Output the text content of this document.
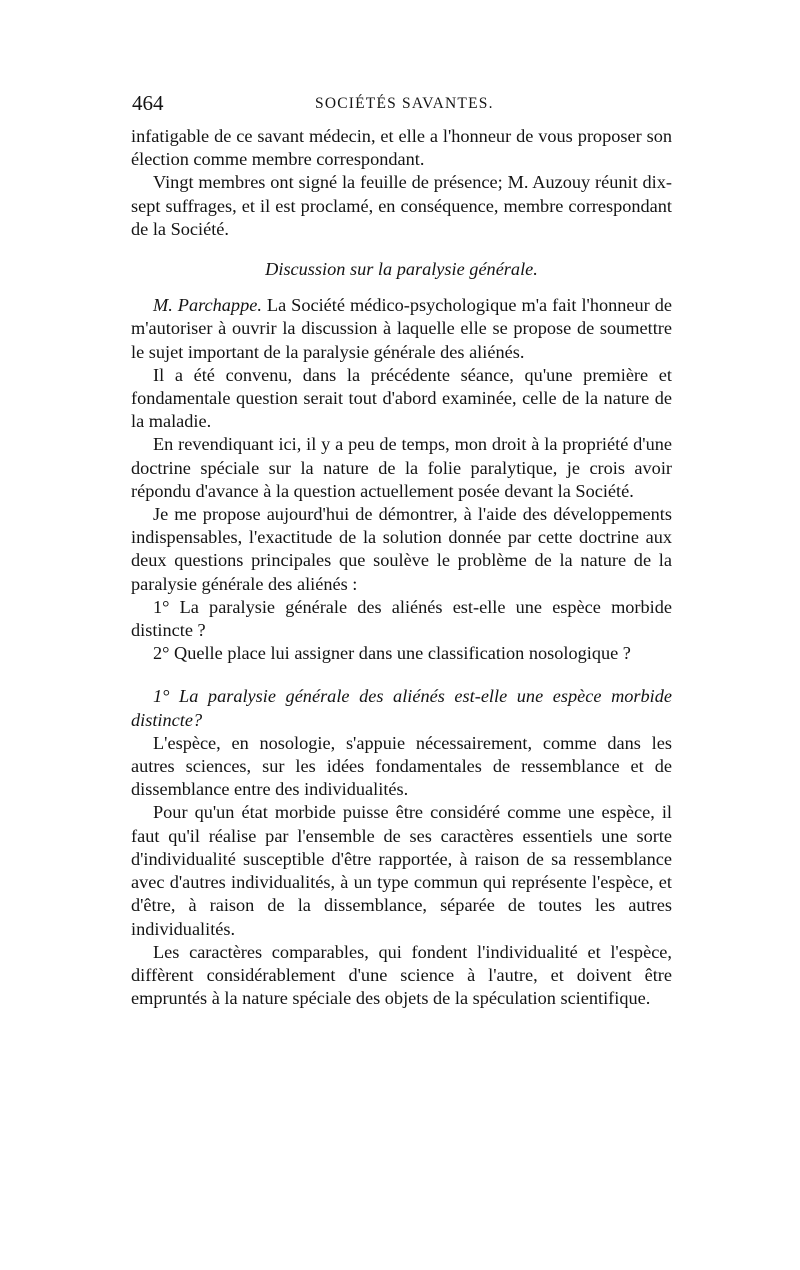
464	SOCIÉTÉS SAVANTES.

infatigable de ce savant médecin, et elle a l'honneur de vous proposer son élection comme membre correspondant.

Vingt membres ont signé la feuille de présence; M. Auzouy réunit dix-sept suffrages, et il est proclamé, en conséquence, membre correspondant de la Société.

Discussion sur la paralysie générale.

M. Parchappe. La Société médico-psychologique m'a fait l'honneur de m'autoriser à ouvrir la discussion à laquelle elle se propose de soumettre le sujet important de la paralysie générale des aliénés.

Il a été convenu, dans la précédente séance, qu'une première et fondamentale question serait tout d'abord examinée, celle de la nature de la maladie.

En revendiquant ici, il y a peu de temps, mon droit à la propriété d'une doctrine spéciale sur la nature de la folie paralytique, je crois avoir répondu d'avance à la question actuellement posée devant la Société.

Je me propose aujourd'hui de démontrer, à l'aide des développements indispensables, l'exactitude de la solution donnée par cette doctrine aux deux questions principales que soulève le problème de la nature de la paralysie générale des aliénés :

1° La paralysie générale des aliénés est-elle une espèce morbide distincte ?

2° Quelle place lui assigner dans une classification nosologique ?

1° La paralysie générale des aliénés est-elle une espèce morbide distincte?

L'espèce, en nosologie, s'appuie nécessairement, comme dans les autres sciences, sur les idées fondamentales de ressemblance et de dissemblance entre des individualités.

Pour qu'un état morbide puisse être considéré comme une espèce, il faut qu'il réalise par l'ensemble de ses caractères essentiels une sorte d'individualité susceptible d'être rapportée, à raison de sa ressemblance avec d'autres individualités, à un type commun qui représente l'espèce, et d'être, à raison de la dissemblance, séparée de toutes les autres individualités.

Les caractères comparables, qui fondent l'individualité et l'espèce, diffèrent considérablement d'une science à l'autre, et doivent être empruntés à la nature spéciale des objets de la spéculation scientifique.
